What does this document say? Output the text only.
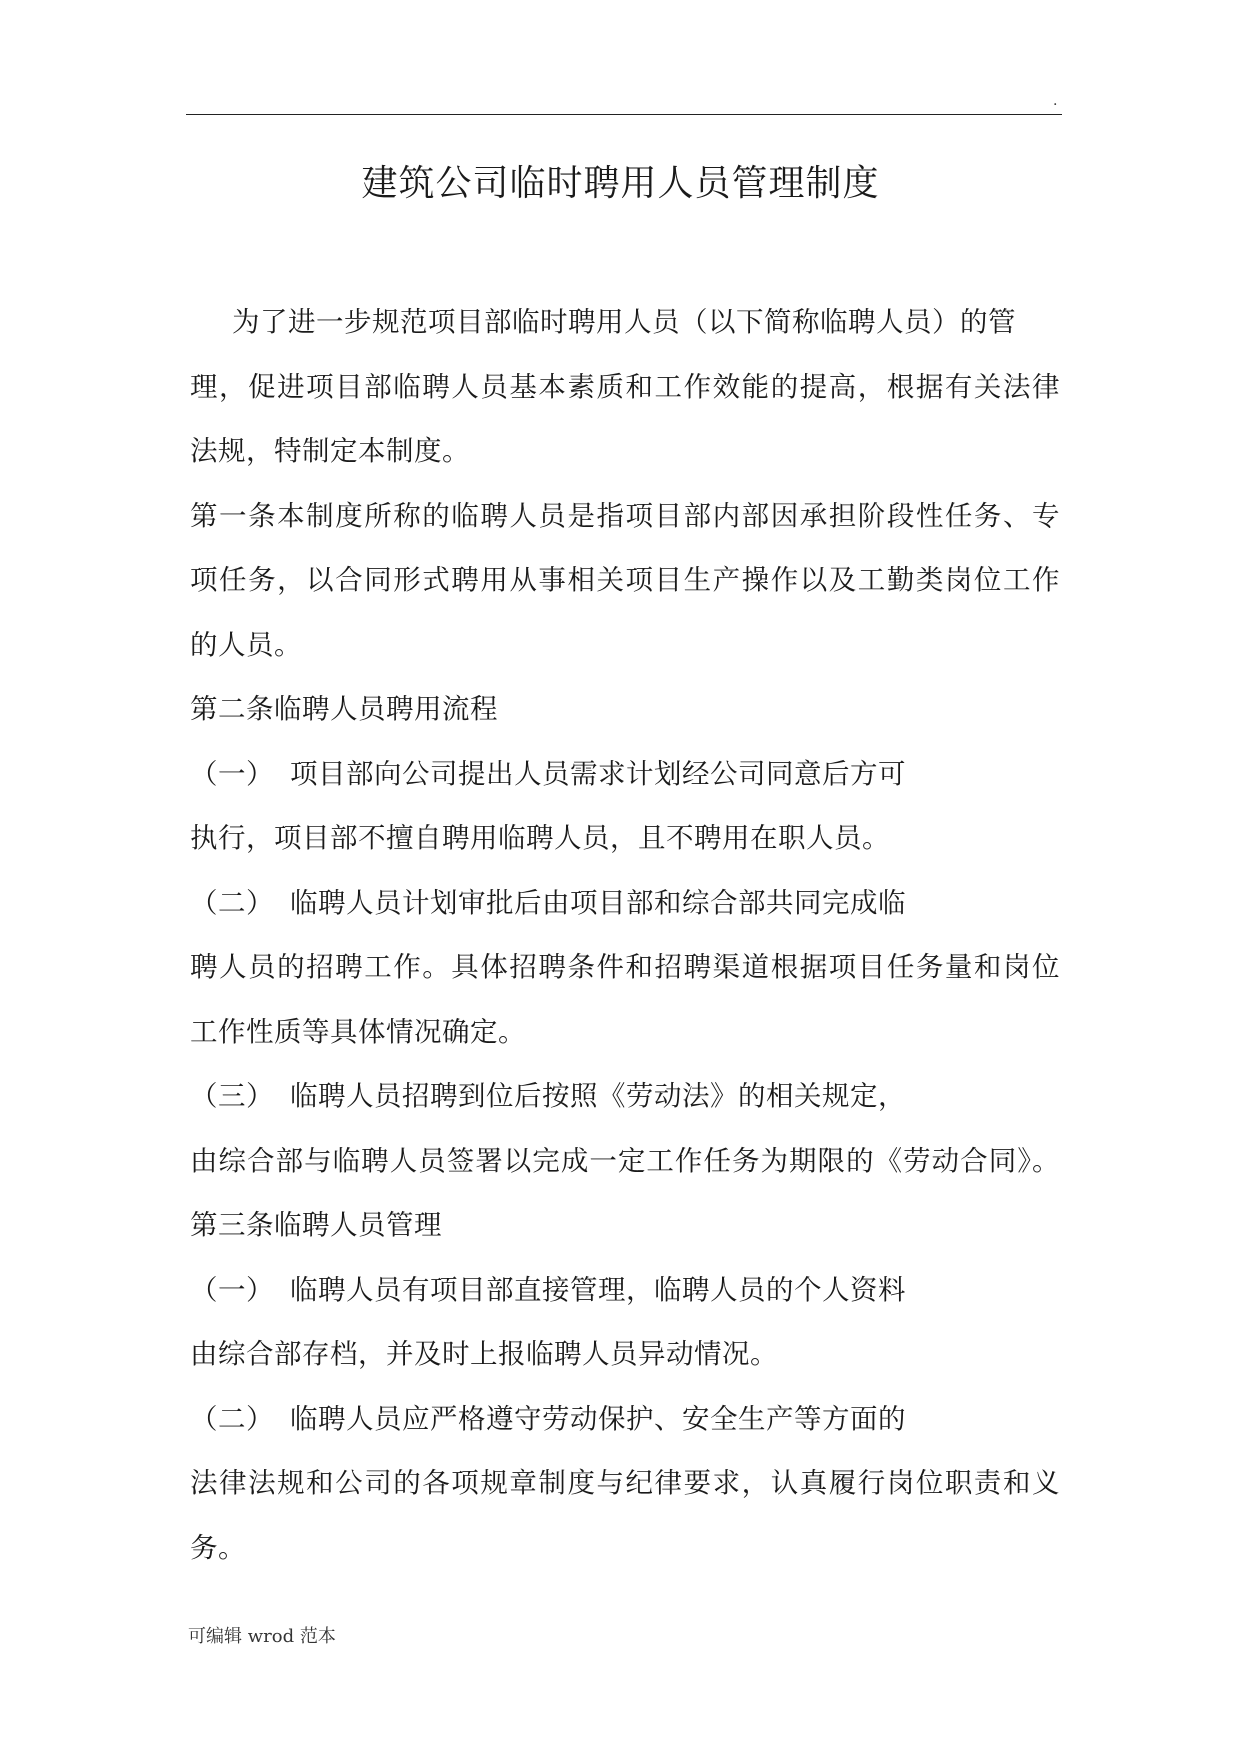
.
建筑公司临时聘用人员管理制度
为了进一步规范项目部临时聘用人员（以下简称临聘人员）的管
理，促进项目部临聘人员基本素质和工作效能的提高，根据有关法律
法规，特制定本制度。
第一条本制度所称的临聘人员是指项目部内部因承担阶段性任务、专
项任务，以合同形式聘用从事相关项目生产操作以及工勤类岗位工作
的人员。
第二条临聘人员聘用流程
（一） 项目部向公司提出人员需求计划经公司同意后方可
执行，项目部不擅自聘用临聘人员，且不聘用在职人员。
（二） 临聘人员计划审批后由项目部和综合部共同完成临
聘人员的招聘工作。具体招聘条件和招聘渠道根据项目任务量和岗位
工作性质等具体情况确定。
（三） 临聘人员招聘到位后按照《劳动法》的相关规定，
由综合部与临聘人员签署以完成一定工作任务为期限的《劳动合同》。
第三条临聘人员管理
（一） 临聘人员有项目部直接管理，临聘人员的个人资料
由综合部存档，并及时上报临聘人员异动情况。
（二） 临聘人员应严格遵守劳动保护、安全生产等方面的
法律法规和公司的各项规章制度与纪律要求，认真履行岗位职责和义
务。
可编辑 wrod 范本
